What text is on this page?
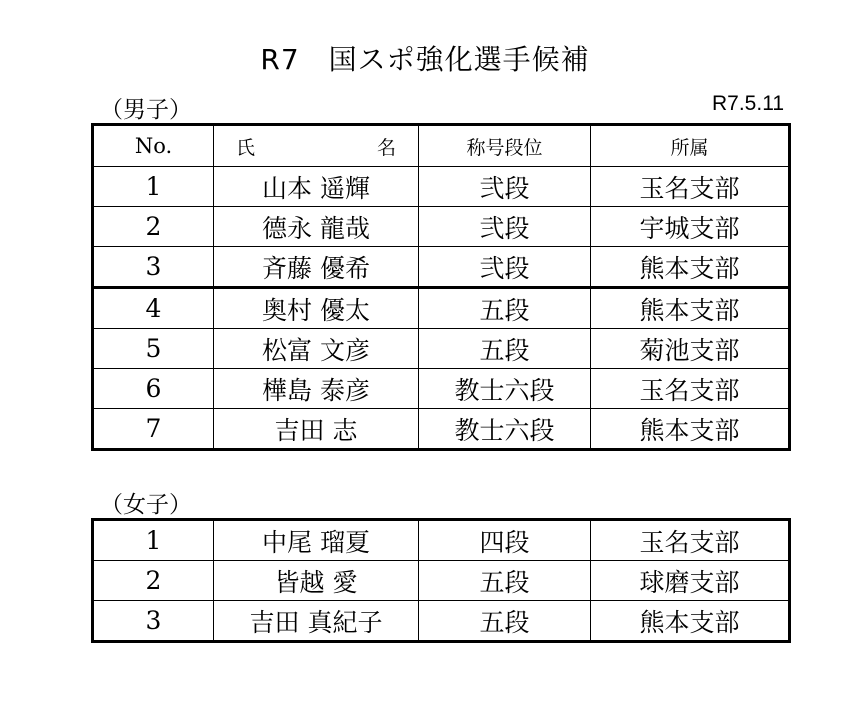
R7　国スポ強化選手候補
（男子）	R7.5.11
No.	氏 名	称号段位	所属
1	山本 遥輝	弐段	玉名支部
2	德永 龍哉	弐段	宇城支部
3	斉藤 優希	弐段	熊本支部
4	奥村 優太	五段	熊本支部
5	松富 文彦	五段	菊池支部
6	樺島 泰彦	教士六段	玉名支部
7	吉田 志	教士六段	熊本支部
（女子）
1	中尾 瑠夏	四段	玉名支部
2	皆越 愛	五段	球磨支部
3	吉田 真紀子	五段	熊本支部
